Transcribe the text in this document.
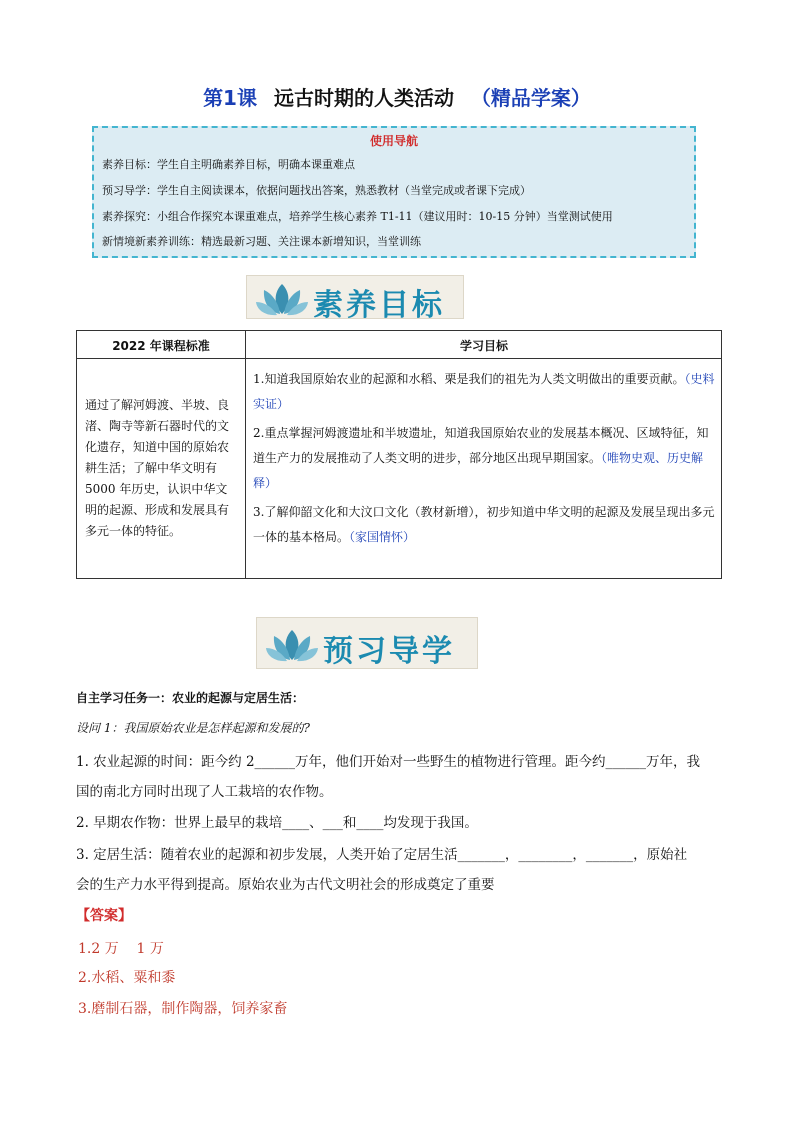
第1课 远古时期的人类活动 （精品学案）
使用导航
素养目标：学生自主明确素养目标，明确本课重难点
预习导学：学生自主阅读课本，依据问题找出答案，熟悉教材（当堂完成或者课下完成）
素养探究：小组合作探究本课重难点，培养学生核心素养 T1-11（建议用时：10-15 分钟）当堂测试使用
新情境新素养训练：精选最新习题、关注课本新增知识，当堂训练
素养目标
2022 年课程标准	学习目标
通过了解河姆渡、半坡、良渚、陶寺等新石器时代的文化遗存，知道中国的原始农耕生活；了解中华文明有 5000 年历史，认识中华文明的起源、形成和发展具有多元一体的特征。

1.知道我国原始农业的起源和水稻、栗是我们的祖先为人类文明做出的重要贡献。（史料实证）

2.重点掌握河姆渡遗址和半坡遗址，知道我国原始农业的发展基本概况、区域特征，知道生产力的发展推动了人类文明的进步，部分地区出现早期国家。（唯物史观、历史解释）

3.了解仰韶文化和大汶口文化（教材新增），初步知道中华文明的起源及发展呈现出多元一体的基本格局。（家国情怀）

预习导学
自主学习任务一：农业的起源与定居生活：
设问 1：我国原始农业是怎样起源和发展的?
1. 农业起源的时间：距今约 2______万年，他们开始对一些野生的植物进行管理。距今约______万年，我
国的南北方同时出现了人工栽培的农作物。
2. 早期农作物：世界上最早的栽培____、___和____均发现于我国。
3. 定居生活：随着农业的起源和初步发展，人类开始了定居生活_______，________，_______，原始社
会的生产力水平得到提高。原始农业为古代文明社会的形成奠定了重要
【答案】
1.2 万    1 万
2.水稻、粟和黍
3.磨制石器，制作陶器，饲养家畜
